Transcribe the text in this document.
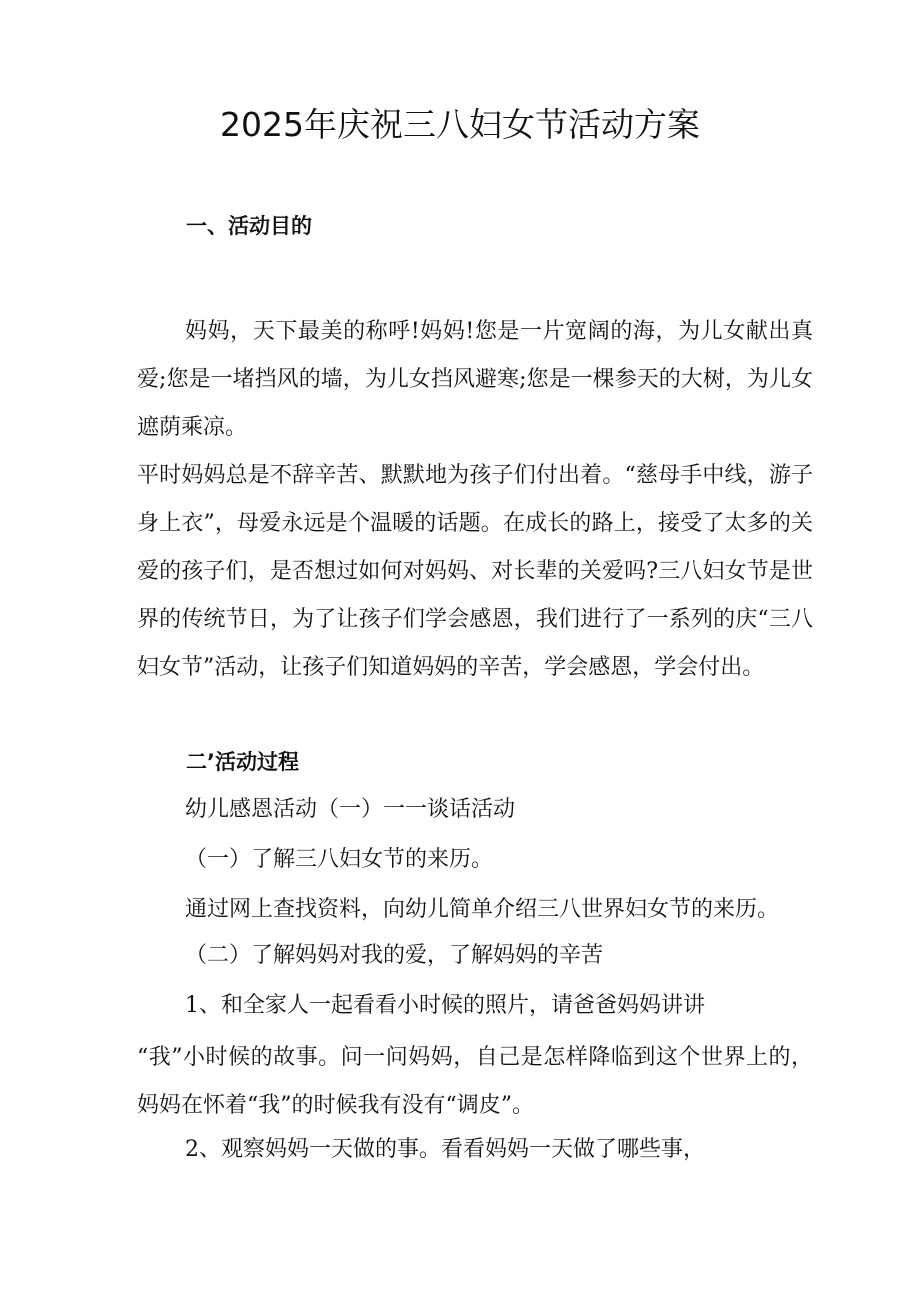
2025年庆祝三八妇女节活动方案
一、活动目的

妈妈，天下最美的称呼!妈妈!您是一片宽阔的海，为儿女献出真爱;您是一堵挡风的墙，为儿女挡风避寒;您是一棵参天的大树，为儿女遮荫乘凉。

平时妈妈总是不辞辛苦、默默地为孩子们付出着。“慈母手中线，游子身上衣”，母爱永远是个温暖的话题。在成长的路上，接受了太多的关爱的孩子们，是否想过如何对妈妈、对长辈的关爱吗?三八妇女节是世界的传统节日，为了让孩子们学会感恩，我们进行了一系列的庆“三八妇女节”活动，让孩子们知道妈妈的辛苦，学会感恩，学会付出。

二’活动过程

幼儿感恩活动（一）一一谈话活动

（一）了解三八妇女节的来历。

通过网上查找资料，向幼儿简单介绍三八世界妇女节的来历。

（二）了解妈妈对我的爱，了解妈妈的辛苦

1、和全家人一起看看小时候的照片，请爸爸妈妈讲讲

“我”小时候的故事。问一问妈妈，自己是怎样降临到这个世界上的，妈妈在怀着“我”的时候我有没有“调皮”。

2、观察妈妈一天做的事。看看妈妈一天做了哪些事，
